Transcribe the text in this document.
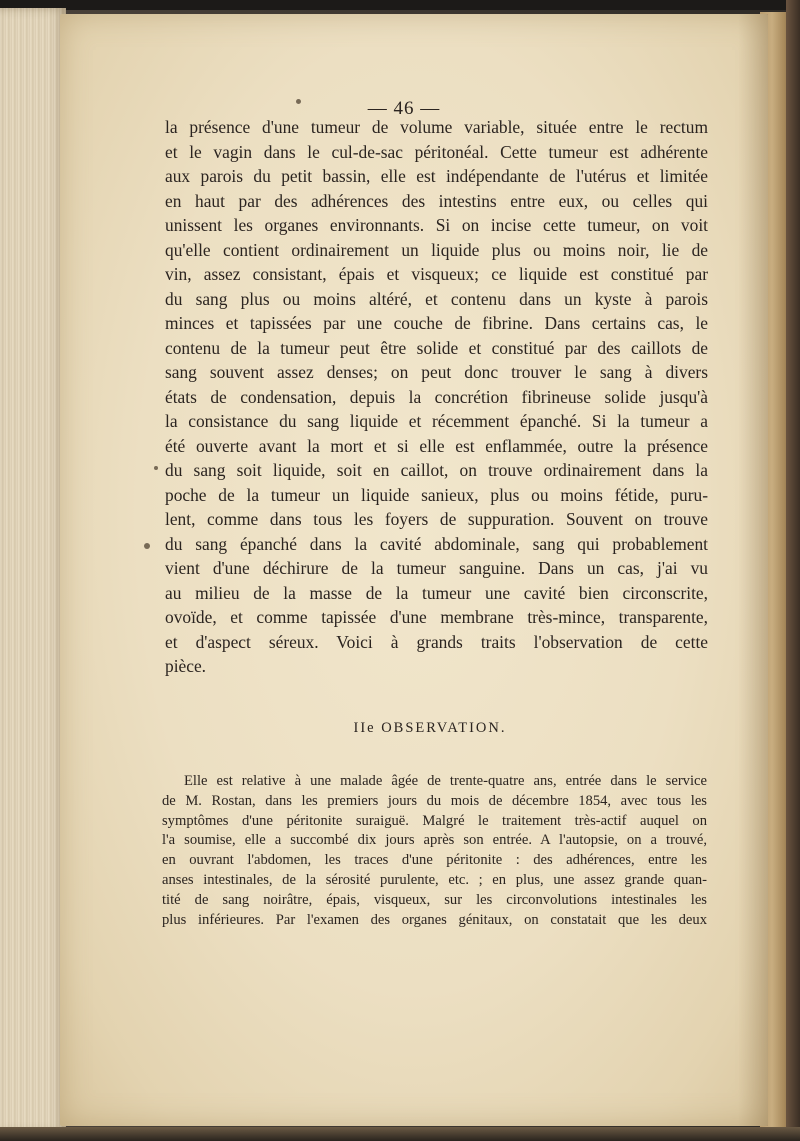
— 46 —
la présence d'une tumeur de volume variable, située entre le rectum
et le vagin dans le cul-de-sac péritonéal. Cette tumeur est adhérente
aux parois du petit bassin, elle est indépendante de l'utérus et limitée
en haut par des adhérences des intestins entre eux, ou celles qui
unissent les organes environnants. Si on incise cette tumeur, on voit
qu'elle contient ordinairement un liquide plus ou moins noir, lie de
vin, assez consistant, épais et visqueux; ce liquide est constitué par
du sang plus ou moins altéré, et contenu dans un kyste à parois
minces et tapissées par une couche de fibrine. Dans certains cas, le
contenu de la tumeur peut être solide et constitué par des caillots de
sang souvent assez denses; on peut donc trouver le sang à divers
états de condensation, depuis la concrétion fibrineuse solide jusqu'à
la consistance du sang liquide et récemment épanché. Si la tumeur a
été ouverte avant la mort et si elle est enflammée, outre la présence
du sang soit liquide, soit en caillot, on trouve ordinairement dans la
poche de la tumeur un liquide sanieux, plus ou moins fétide, puru-
lent, comme dans tous les foyers de suppuration. Souvent on trouve
du sang épanché dans la cavité abdominale, sang qui probablement
vient d'une déchirure de la tumeur sanguine. Dans un cas, j'ai vu
au milieu de la masse de la tumeur une cavité bien circonscrite,
ovoïde, et comme tapissée d'une membrane très-mince, transparente,
et d'aspect séreux. Voici à grands traits l'observation de cette
pièce.
IIe OBSERVATION.
Elle est relative à une malade âgée de trente-quatre ans, entrée dans le service
de M. Rostan, dans les premiers jours du mois de décembre 1854, avec tous les
symptômes d'une péritonite suraiguë. Malgré le traitement très-actif auquel on
l'a soumise, elle a succombé dix jours après son entrée. A l'autopsie, on a trouvé,
en ouvrant l'abdomen, les traces d'une péritonite : des adhérences, entre les
anses intestinales, de la sérosité purulente, etc. ; en plus, une assez grande quan-
tité de sang noirâtre, épais, visqueux, sur les circonvolutions intestinales les
plus inférieures. Par l'examen des organes génitaux, on constatait que les deux
